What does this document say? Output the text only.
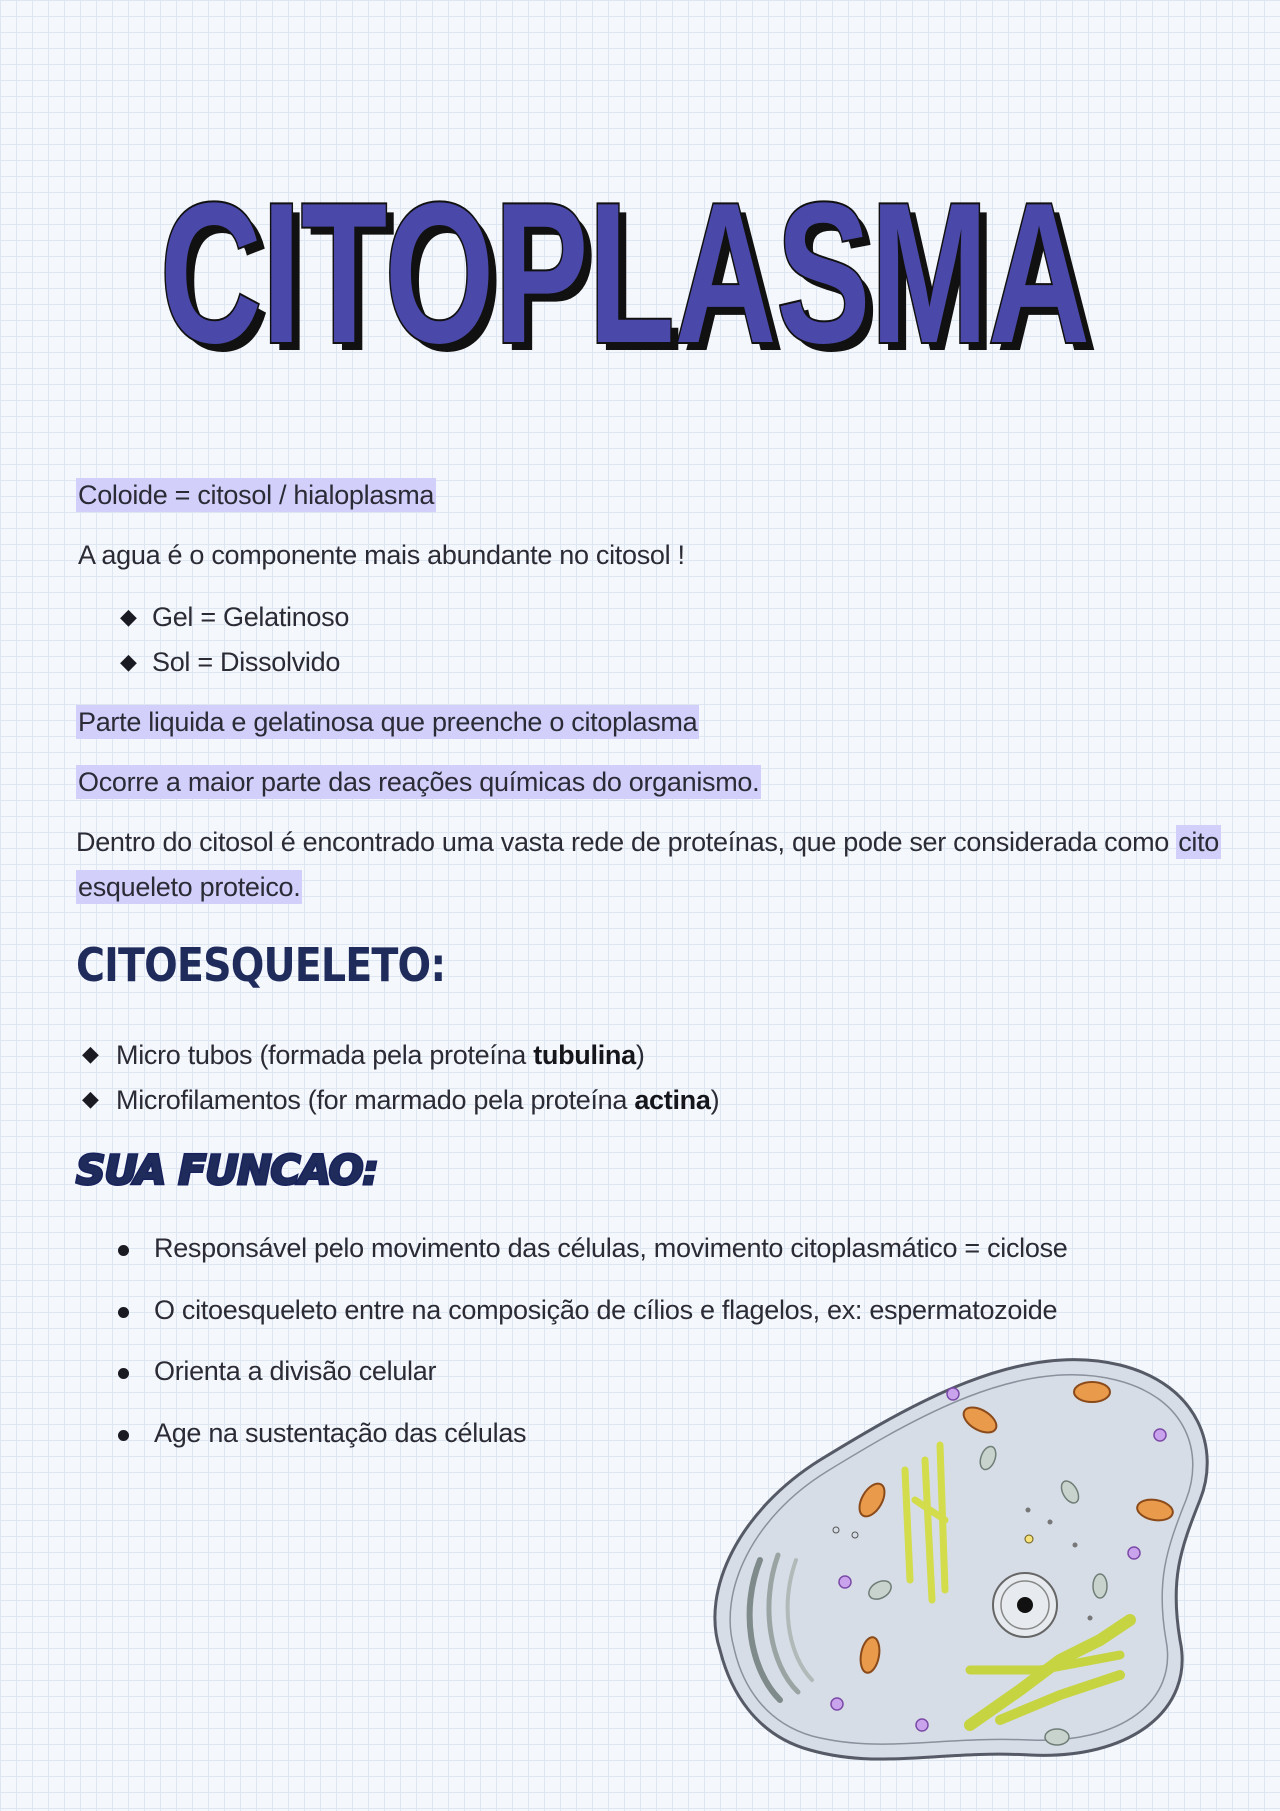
CITOPLASMA
CITOPLASMA
Coloide = citosol / hialoplasma
A agua é o componente mais abundante no citosol !
◆ Gel = Gelatinoso
◆ Sol = Dissolvido
Parte liquida e gelatinosa que preenche o citoplasma
Ocorre a maior parte das reações químicas do organismo.
Dentro do citosol é encontrado uma vasta rede de proteínas, que pode ser considerada como cito
esqueleto proteico.
CITOESQUELETO:
◆ Micro tubos (formada pela proteína tubulina)
◆ Microfilamentos (for marmado pela proteína actina)
SUA FUNCAO:
Responsável pelo movimento das células, movimento citoplasmático = ciclose
O citoesqueleto entre na composição de cílios e flagelos, ex: espermatozoide
Orienta a divisão celular
Age na sustentação das células
